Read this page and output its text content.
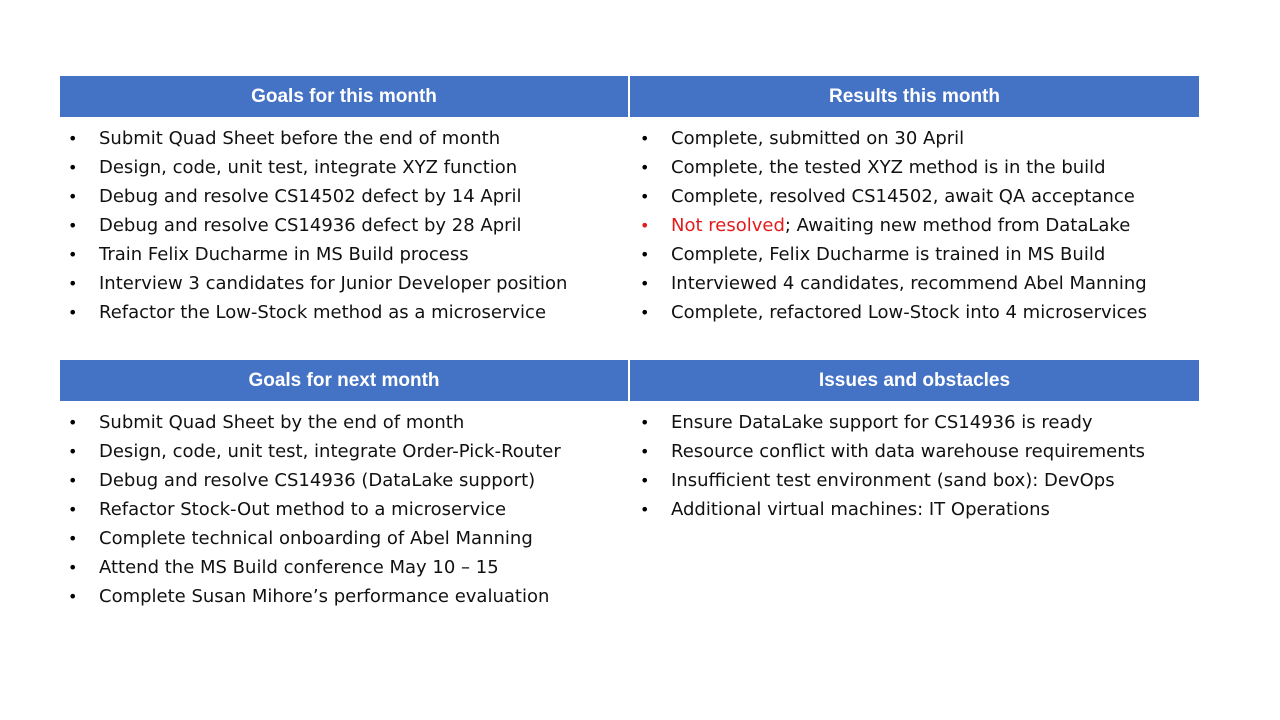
Goals for this month	Results this month
• Submit Quad Sheet before the end of month
• Design, code, unit test, integrate XYZ function
• Debug and resolve CS14502 defect by 14 April
• Debug and resolve CS14936 defect by 28 April
• Train Felix Ducharme in MS Build process
• Interview 3 candidates for Junior Developer position
• Refactor the Low-Stock method as a microservice
• Complete, submitted on 30 April
• Complete, the tested XYZ method is in the build
• Complete, resolved CS14502, await QA acceptance
• Not resolved; Awaiting new method from DataLake
• Complete, Felix Ducharme is trained in MS Build
• Interviewed 4 candidates, recommend Abel Manning
• Complete, refactored Low-Stock into 4 microservices
Goals for next month	Issues and obstacles
• Submit Quad Sheet by the end of month
• Design, code, unit test, integrate Order-Pick-Router
• Debug and resolve CS14936 (DataLake support)
• Refactor Stock-Out method to a microservice
• Complete technical onboarding of Abel Manning
• Attend the MS Build conference May 10 – 15
• Complete Susan Mihore’s performance evaluation
• Ensure DataLake support for CS14936 is ready
• Resource conflict with data warehouse requirements
• Insufficient test environment (sand box): DevOps
• Additional virtual machines: IT Operations
